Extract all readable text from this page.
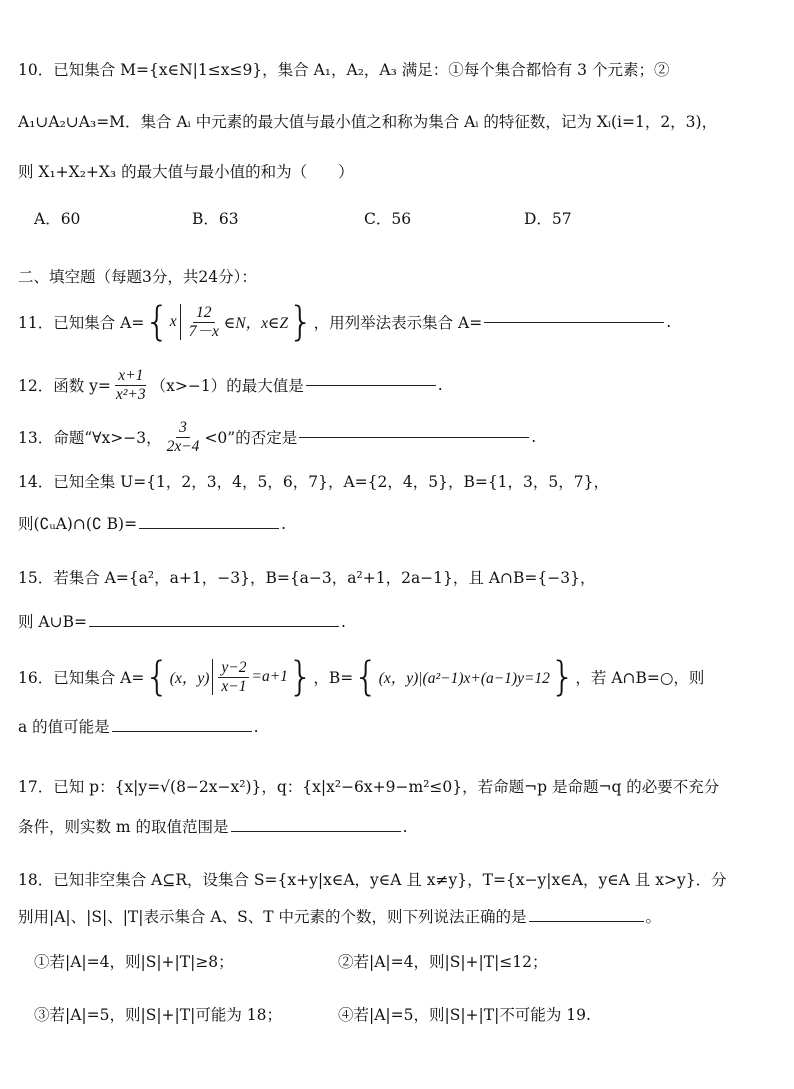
10．已知集合 M={x∈N|1≤x≤9}，集合 A₁，A₂，A₃ 满足：①每个集合都恰有 3 个元素；②
A₁∪A₂∪A₃=M．集合 Aᵢ 中元素的最大值与最小值之和称为集合 Aᵢ 的特征数，记为 Xᵢ(i=1，2，3)，
则 X₁+X₂+X₃ 的最大值与最小值的和为（　　）
A．60	B．63	C．56	D．57
二、填空题（每题3分，共24分）：
11．已知集合 A= { x $\frac{12}{7-x}$ ∈N，x∈Z } ，用列举法表示集合 A=	.
12．函数 $y= \frac{x+1}{\text{x²+3}} (x>-1)$的最大值是	.
13．命题“∀x>−3， $\frac{3}{2x-4} <0$”的否定是	.
14．已知全集 U={1，2，3，4，5，6，7}，A={2，4，5}，B={1，3，5，7}，
则(∁ᵤA)∩(∁ B)=	.
15．若集合 A={a²，a+1，−3}，B={a−3，a²+1，2a−1}，且 A∩B={−3}，
则 A∪B=	.
16．已知集合 A= { (x，$y) \frac{y-2}{x-1} =a+1$ } ，B= { (x，y)|(a²−1)x+(a−1)y=12 } ，若 A∩B=○，则
a 的值可能是	.
17．已知 p：{x|y=√(8−2x−x²)}，q：{x|x²−6x+9−m²≤0}，若命题¬p 是命题¬q 的必要不充分
条件，则实数 m 的取值范围是	.
18．已知非空集合 A⊆R，设集合 S={x+y|x∈A，y∈A 且 x≠y}，T={x−y|x∈A，y∈A 且 x>y}．分
别用|A|、|S|、|T|表示集合 A、S、T 中元素的个数，则下列说法正确的是	。
①若|A|=4，则|S|+|T|≥8；	②若|A|=4，则|S|+|T|≤12；
③若|A|=5，则|S|+|T|可能为 18；	④若|A|=5，则|S|+|T|不可能为 19.
